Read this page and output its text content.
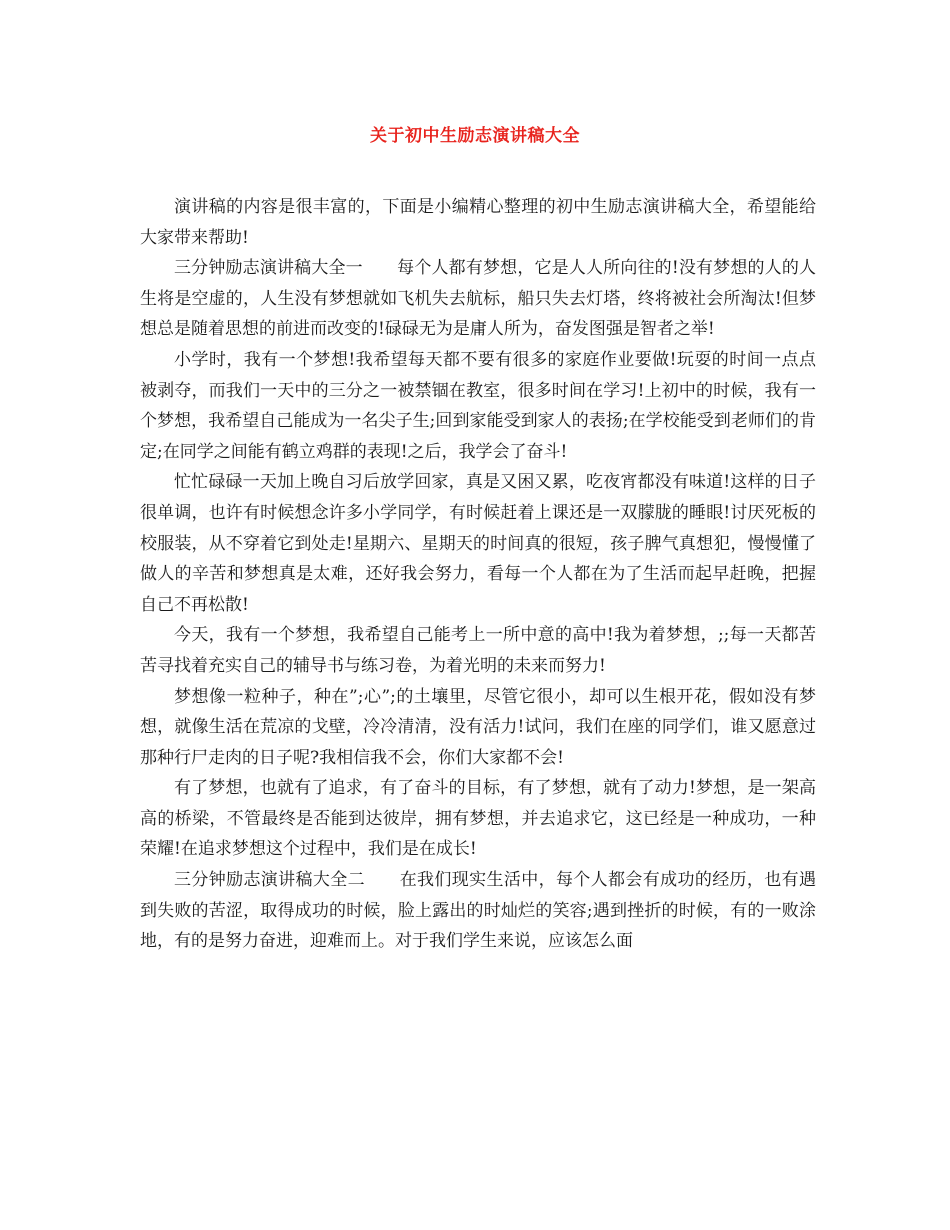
关于初中生励志演讲稿大全

演讲稿的内容是很丰富的，下面是小编精心整理的初中生励志演讲稿大全，希望能给大家带来帮助!

三分钟励志演讲稿大全一　　每个人都有梦想，它是人人所向往的!没有梦想的人的人生将是空虚的，人生没有梦想就如飞机失去航标，船只失去灯塔，终将被社会所淘汰!但梦想总是随着思想的前进而改变的!碌碌无为是庸人所为，奋发图强是智者之举!

小学时，我有一个梦想!我希望每天都不要有很多的家庭作业要做!玩耍的时间一点点被剥夺，而我们一天中的三分之一被禁锢在教室，很多时间在学习!上初中的时候，我有一个梦想，我希望自己能成为一名尖子生;回到家能受到家人的表扬;在学校能受到老师们的肯定;在同学之间能有鹤立鸡群的表现!之后，我学会了奋斗!

忙忙碌碌一天加上晚自习后放学回家，真是又困又累，吃夜宵都没有味道!这样的日子很单调，也许有时候想念许多小学同学，有时候赶着上课还是一双朦胧的睡眼!讨厌死板的校服装，从不穿着它到处走!星期六、星期天的时间真的很短，孩子脾气真想犯，慢慢懂了做人的辛苦和梦想真是太难，还好我会努力，看每一个人都在为了生活而起早赶晚，把握自己不再松散!

今天，我有一个梦想，我希望自己能考上一所中意的高中!我为着梦想，;;每一天都苦苦寻找着充实自己的辅导书与练习卷，为着光明的未来而努力!

梦想像一粒种子，种在”;心”;的土壤里，尽管它很小，却可以生根开花，假如没有梦想，就像生活在荒凉的戈壁，冷冷清清，没有活力!试问，我们在座的同学们，谁又愿意过那种行尸走肉的日子呢?我相信我不会，你们大家都不会!

有了梦想，也就有了追求，有了奋斗的目标，有了梦想，就有了动力!梦想，是一架高高的桥梁，不管最终是否能到达彼岸，拥有梦想，并去追求它，这已经是一种成功，一种荣耀!在追求梦想这个过程中，我们是在成长!

三分钟励志演讲稿大全二　　在我们现实生活中，每个人都会有成功的经历，也有遇到失败的苦涩，取得成功的时候，脸上露出的时灿烂的笑容;遇到挫折的时候，有的一败涂地，有的是努力奋进，迎难而上。对于我们学生来说，应该怎么面
